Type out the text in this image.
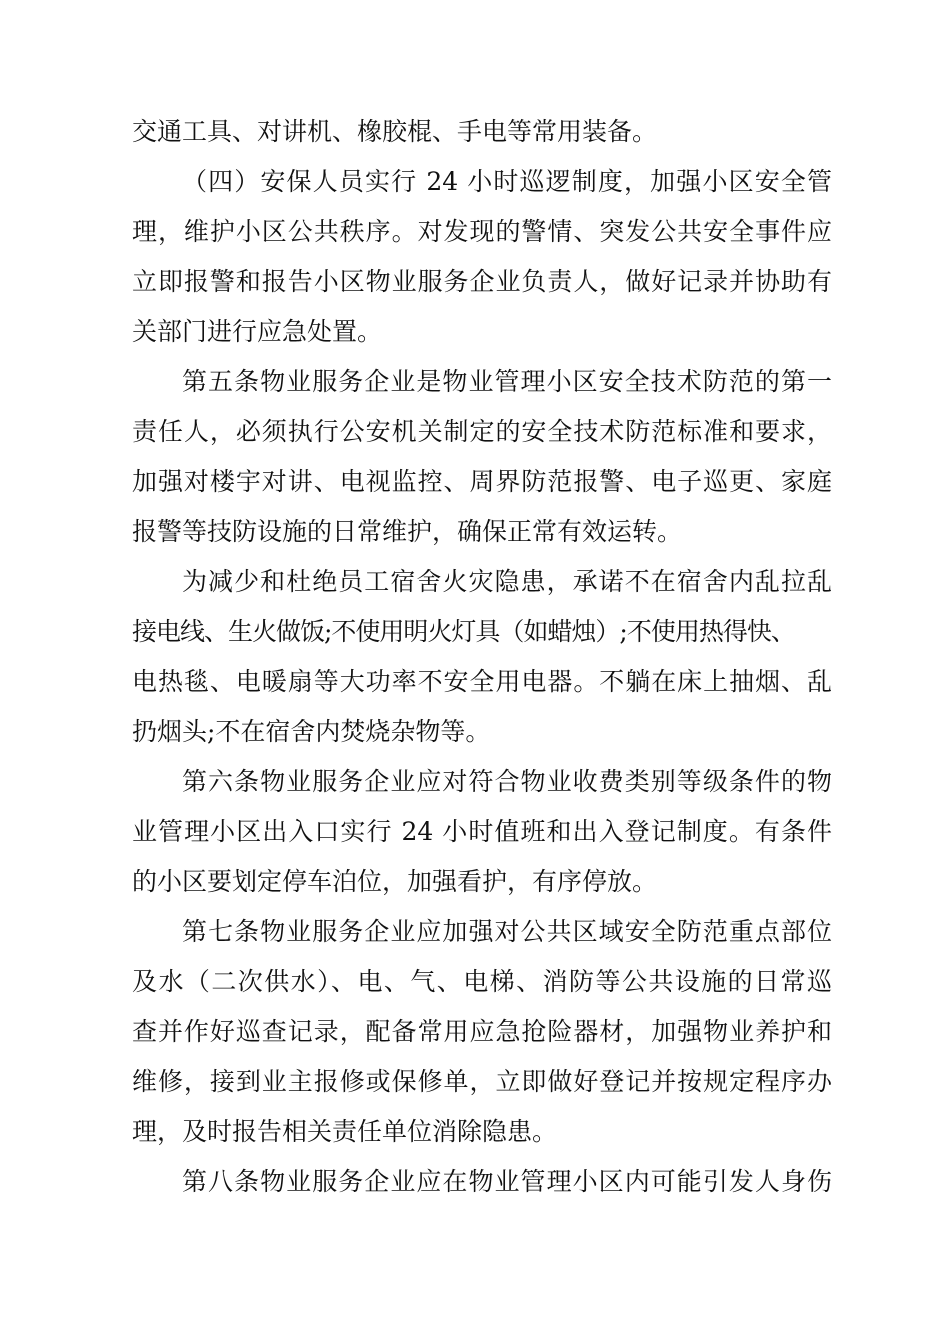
交通工具、对讲机、橡胶棍、手电等常用装备。
（四）安保人员实行 24 小时巡逻制度，加强小区安全管
理，维护小区公共秩序。对发现的警情、突发公共安全事件应
立即报警和报告小区物业服务企业负责人，做好记录并协助有
关部门进行应急处置。
第五条物业服务企业是物业管理小区安全技术防范的第一
责任人，必须执行公安机关制定的安全技术防范标准和要求，
加强对楼宇对讲、电视监控、周界防范报警、电子巡更、家庭
报警等技防设施的日常维护，确保正常有效运转。
为减少和杜绝员工宿舍火灾隐患，承诺不在宿舍内乱拉乱
接电线、生火做饭;不使用明火灯具（如蜡烛）;不使用热得快、
电热毯、电暖扇等大功率不安全用电器。不躺在床上抽烟、乱
扔烟头;不在宿舍内焚烧杂物等。
第六条物业服务企业应对符合物业收费类别等级条件的物
业管理小区出入口实行 24 小时值班和出入登记制度。有条件
的小区要划定停车泊位，加强看护，有序停放。
第七条物业服务企业应加强对公共区域安全防范重点部位
及水（二次供水）、电、气、电梯、消防等公共设施的日常巡
查并作好巡查记录，配备常用应急抢险器材，加强物业养护和
维修，接到业主报修或保修单，立即做好登记并按规定程序办
理，及时报告相关责任单位消除隐患。
第八条物业服务企业应在物业管理小区内可能引发人身伤
